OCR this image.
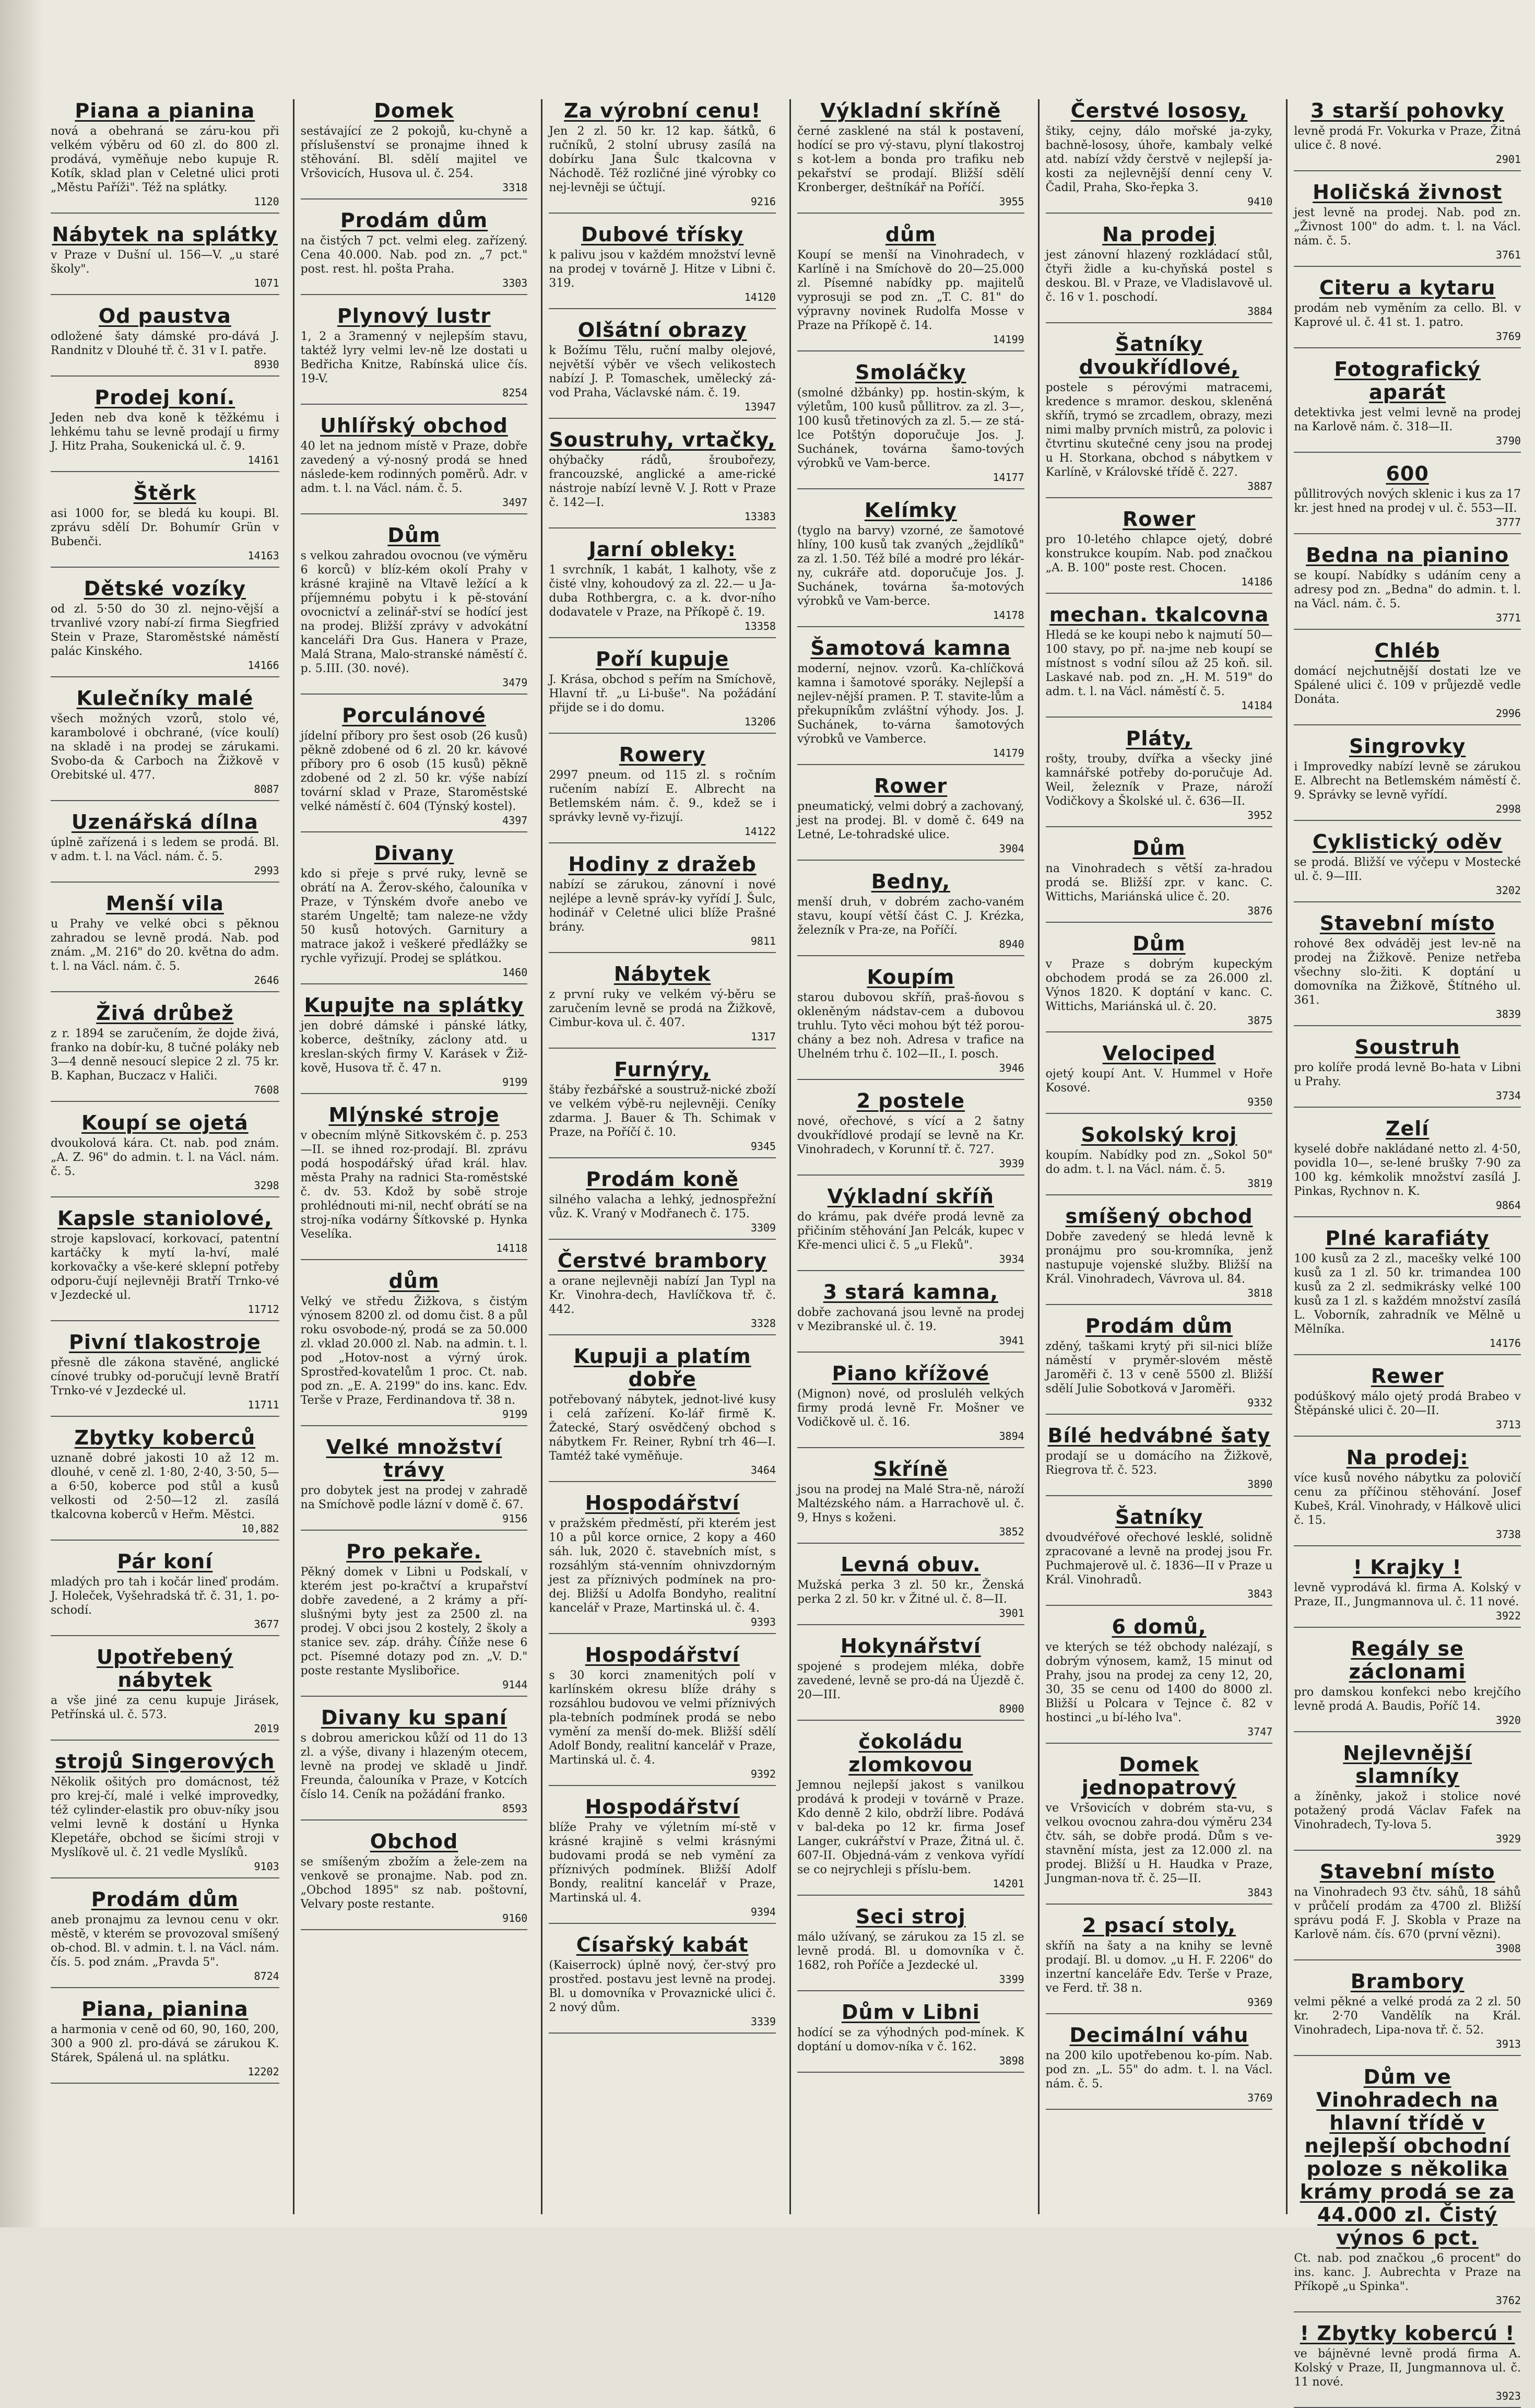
Piana a pianina

nová a obehraná se záru-kou při velkém výběru od 60 zl. do 800 zl. prodává, vyměňuje nebo kupuje R. Kotík, sklad plan v Celetné ulici proti „Městu Paříži". Též na splátky.

1120
Nábytek na splátky

v Praze v Dušní ul. 156—V. „u staré školy".

1071
Od paustva

odložené šaty dámské pro-dává J. Randnitz v Dlouhé tř. č. 31 v I. patře.

8930
Prodej koní.

Jeden neb dva koně k těžkému i lehkému tahu se levně prodají u firmy J. Hitz Praha, Soukenická ul. č. 9.

14161
Štěrk

asi 1000 for, se bledá ku koupi. Bl. zprávu sdělí Dr. Bohumír Grün v Bubenči.

14163
Dětské vozíky

od zl. 5·50 do 30 zl. nejno-vější a trvanlivé vzory nabí-zí firma Siegfried Stein v Praze, Staroměstské náměstí palác Kinského.

14166
Kulečníky malé

všech možných vzorů, stolo vé, karambolové i obchrané, (více koulí) na skladě i na prodej se zárukami. Svobo-da & Carboch na Žižkově v Orebitské ul. 477.

8087
Uzenářská dílna

úplně zařízená i s ledem se prodá. Bl. v adm. t. l. na Václ. nám. č. 5.

2993
Menší vila

u Prahy ve velké obci s pěknou zahradou se levně prodá. Nab. pod znám. „M. 216" do 20. května do adm. t. l. na Václ. nám. č. 5.

2646
Živá drůbež

z r. 1894 se zaručením, že dojde živá, franko na dobír-ku, 8 tučné poláky neb 3—4 denně nesoucí slepice 2 zl. 75 kr. B. Kaphan, Buczacz v Haliči.

7608
Koupí se ojetá

dvoukolová kára. Ct. nab. pod znám. „A. Z. 96" do admin. t. l. na Václ. nám. č. 5.

3298
Kapsle staniolové,

stroje kapslovací, korkovací, patentní kartáčky k mytí la-hví, malé korkovačky a vše-keré sklepní potřeby odporu-čují nejlevněji Bratří Trnko-vé v Jezdecké ul.

11712
Pivní tlakostroje

přesně dle zákona stavěné, anglické cínové trubky od-poručují levně Bratří Trnko-vé v Jezdecké ul.

11711
Zbytky koberců

uznaně dobré jakosti 10 až 12 m. dlouhé, v ceně zl. 1·80, 2·40, 3·50, 5— a 6·50, koberce pod stůl a kusů velkosti od 2·50—12 zl. zasílá tkalcovna koberců v Heřm. Městci.

10,882
Pár koní

mladých pro tah i kočár lineď prodám. J. Holeček, Vyšehradská tř. č. 31, 1. po-schodí.

3677
Upotřebený nábytek

a vše jiné za cenu kupuje Jirásek, Petřínská ul. č. 573.

2019
strojů Singerových

Několik ošitých pro domácnost, též pro krej-čí, malé i velké improvedky, též cylinder-elastik pro obuv-níky jsou velmi levně k dostání u Hynka Klepetáře, obchod se šicími stroji v Myslíkově ul. č. 21 vedle Myslíků.

9103
Prodám dům

aneb pronajmu za levnou cenu v okr. městě, v kterém se provozoval smíšený ob-chod. Bl. v admin. t. l. na Václ. nám. čís. 5. pod znám. „Pravda 5".

8724
Piana, pianina

a harmonia v ceně od 60, 90, 160, 200, 300 a 900 zl. pro-dává se zárukou K. Stárek, Spálená ul. na splátku.

12202
Domek

sestávající ze 2 pokojů, ku-chyně a příslušenství se pronajme ihned k stěhování. Bl. sdělí majitel ve Vršovicích, Husova ul. č. 254.

3318
Prodám dům

na čistých 7 pct. velmi eleg. zařízený. Cena 40.000. Nab. pod zn. „7 pct." post. rest. hl. pošta Praha.

3303
Plynový lustr

1, 2 a 3ramenný v nejlepším stavu, taktéž lyry velmi lev-ně lze dostati u Bedřicha Knitze, Rabínská ulice čís. 19-V.

8254
Uhlířský obchod

40 let na jednom místě v Praze, dobře zavedený a vý-nosný prodá se hned následe-kem rodinných poměrů. Adr. v adm. t. l. na Václ. nám. č. 5.

3497
Dům

s velkou zahradou ovocnou (ve výměru 6 korců) v blíz-kém okolí Prahy v krásné krajině na Vltavě ležící a k příjemnému pobytu i k pě-stování ovocnictví a zelinář-ství se hodící jest na prodej. Bližší zprávy v advokátní kanceláři Dra Gus. Hanera v Praze, Malá Strana, Malo-stranské náměstí č. p. 5.III. (30. nové).

3479
Porculánové

jídelní příbory pro šest osob (26 kusů) pěkně zdobené od 6 zl. 20 kr. kávové příbory pro 6 osob (15 kusů) pěkně zdobené od 2 zl. 50 kr. výše nabízí tovární sklad v Praze, Staroměstské velké náměstí č. 604 (Týnský kostel).

4397
Divany

kdo si přeje s prvé ruky, levně se obrátí na A. Žerov-ského, čalouníka v Praze, v Týnském dvoře anebo ve starém Ungeltě; tam naleze-ne vždy 50 kusů hotových. Garnitury a matrace jakož i veškeré předlážky se rychle vyřizují. Prodej se splátkou.

1460
Kupujte na splátky

jen dobré dámské i pánské látky, koberce, deštníky, záclony atd. u kreslan-ských firmy V. Karásek v Žiž-kově, Husova tř. č. 47 n.

9199
Mlýnské stroje

v obecním mlýně Sitkovském č. p. 253—II. se ihned roz-prodají. Bl. zprávu podá hospodářský úřad král. hlav. města Prahy na radnici Sta-roměstské č. dv. 53. Kdož by sobě stroje prohlédnouti mi-nil, nechť obrátí se na stroj-níka vodárny Šítkovské p. Hynka Veselíka.

14118
dům

Velký ve středu Žižkova, s čistým výnosem 8200 zl. od domu čist. 8 a půl roku osvobode-ný, prodá se za 50.000 zl. vklad 20.000 zl. Nab. na admin. t. l. pod „Hotov-nost a výrný úrok. Sprostřed-kovatelům 1 proc. Ct. nab. pod zn. „E. A. 2199" do ins. kanc. Edv. Terše v Praze, Ferdinandova tř. 38 n.

9199
Velké množství trávy

pro dobytek jest na prodej v zahradě na Smíchově podle lázní v domě č. 67.

9156
Pro pekaře.

Pěkný domek v Libni u Podskalí, v kterém jest po-kračtví a krupařství dobře zavedené, a 2 krámy a pří-slušnými byty jest za 2500 zl. na prodej. V obci jsou 2 kostely, 2 školy a stanice sev. záp. dráhy. Číňže nese 6 pct. Písemné dotazy pod zn. „V. D." poste restante Myslibořice.

9144
Divany ku spaní

s dobrou americkou kůží od 11 do 13 zl. a výše, divany i hlazeným otecem, levně na prodej ve skladě u Jindř. Freunda, čalouníka v Praze, v Kotcích číslo 14. Ceník na požádání franko.

8593
Obchod

se smíšeným zbožím a žele-zem na venkově se pronajme. Nab. pod zn. „Obchod 1895" sz nab. poštovní, Velvary poste restante.

9160
Za výrobní cenu!

Jen 2 zl. 50 kr. 12 kap. šátků, 6 ručníků, 2 stolní ubrusy zasílá na dobírku Jana Šulc tkalcovna v Náchodě. Též rozličné jiné výrobky co nej-levněji se účtují.

9216
Dubové třísky

k palivu jsou v každém množství levně na prodej v továrně J. Hitze v Libni č. 319.

14120
Olšátní obrazy

k Božímu Tělu, ruční malby olejové, největší výběr ve všech velikostech nabízí J. P. Tomaschek, umělecký zá-vod Praha, Václavské nám. č. 19.

13947
Soustruhy, vrtačky,

ohýbačky rádů, šroubořezy, francouzské, anglické a ame-rické nástroje nabízí levně V. J. Rott v Praze č. 142—I.

13383
Jarní obleky:

1 svrchník, 1 kabát, 1 kalhoty, vše z čisté vlny, kohoudový za zl. 22.— u Ja-duba Rothbergra, c. a k. dvor-ního dodavatele v Praze, na Příkopě č. 19.

13358
Poří kupuje

J. Krása, obchod s peřím na Smíchově, Hlavní tř. „u Li-buše". Na požádání přijde se i do domu.

13206
Rowery

2997 pneum. od 115 zl. s ročním ručením nabízí E. Albrecht na Betlemském nám. č. 9., kdež se i správky levně vy-řizují.

14122
Hodiny z dražeb

nabízí se zárukou, zánovní i nové nejlépe a levně správ-ky vyřídí J. Šulc, hodinář v Celetné ulici blíže Prašné brány.

9811
Nábytek

z první ruky ve velkém vý-běru se zaručením levně se prodá na Žižkově, Cimbur-kova ul. č. 407.

1317
Furnýry,

štáby řezbářské a soustruž-nické zboží ve velkém výbě-ru nejlevněji. Ceníky zdarma. J. Bauer & Th. Schimak v Praze, na Poříčí č. 10.

9345
Prodám koně

silného valacha a lehký, jednospřežní vůz. K. Vraný v Modřanech č. 175.

3309
Čerstvé brambory

a orane nejlevněji nabízí Jan Typl na Kr. Vinohra-dech, Havlíčkova tř. č. 442.

3328
Kupuji a platím dobře

potřebovaný nábytek, jednot-livé kusy i celá zařízení. Ko-lář firmě K. Žatecké, Starý osvědčený obchod s nábytkem Fr. Reiner, Rybní trh 46—I. Tamtéž také vyměňuje.

3464
Hospodářství

v pražském předměstí, při kterém jest 10 a půl korce ornice, 2 kopy a 460 sáh. luk, 2020 č. stavebních míst, s rozsáhlým stá-venním ohnivzdorným jest za příznivých podmínek na pro-dej. Bližší u Adolfa Bondyho, realitní kancelář v Praze, Martinská ul. č. 4.

9393
Hospodářství

s 30 korci znamenitých polí v karlínském okresu blíže dráhy s rozsáhlou budovou ve velmi příznivých pla-tebních podmínek prodá se nebo vymění za menší do-mek. Bližší sdělí Adolf Bondy, realitní kancelář v Praze, Martinská ul. č. 4.

9392
Hospodářství

blíže Prahy ve výletním mí-stě v krásné krajině s velmi krásnými budovami prodá se neb vymění za příznivých podmínek. Bližší Adolf Bondy, realitní kancelář v Praze, Martinská ul. 4.

9394
Císařský kabát

(Kaiserrock) úplně nový, čer-stvý pro prostřed. postavu jest levně na prodej. Bl. u domovníka v Provaznické ulici č. 2 nový dům.

3339
Výkladní skříně

černé zasklené na stál k postavení, hodící se pro vý-stavu, plyní tlakostroj s kot-lem a bonda pro trafiku neb pekařství se prodají. Bližší sdělí Kronberger, deštníkář na Poříčí.

3955
dům

Koupí se menší na Vinohradech, v Karlíně i na Smíchově do 20—25.000 zl. Písemné nabídky pp. majitelů vyprosuji se pod zn. „T. C. 81" do výpravny novinek Rudolfa Mosse v Praze na Příkopě č. 14.

14199
Smoláčky

(smolné džbánky) pp. hostin-ským, k výletům, 100 kusů půllitrov. za zl. 3—, 100 kusů třetinových za zl. 5.— ze stá-lce Potštýn doporučuje Jos. J. Suchánek, továrna šamo-tových výrobků ve Vam-berce.

14177
Kelímky

(tyglo na barvy) vzorné, ze šamotové hlíny, 100 kusů tak zvaných „žejdlíků" za zl. 1.50. Též bílé a modré pro lékár-ny, cukráře atd. doporučuje Jos. J. Suchánek, továrna ša-motových výrobků ve Vam-berce.

14178
Šamotová kamna

moderní, nejnov. vzorů. Ka-chlíčková kamna i šamotové sporáky. Nejlepší a nejlev-nější pramen. P. T. stavite-lům a překupníkům zvláštní výhody. Jos. J. Suchánek, to-várna šamotových výrobků ve Vamberce.

14179
Rower

pneumatický, velmi dobrý a zachovaný, jest na prodej. Bl. v domě č. 649 na Letné, Le-tohradské ulice.

3904
Bedny,

menší druh, v dobrém zacho-vaném stavu, koupí větší část C. J. Krézka, železník v Pra-ze, na Poříčí.

8940
Koupím

starou dubovou skříň, praš-ňovou s okleněným nádstav-cem a dubovou truhlu. Tyto věci mohou být též porou-chány a bez noh. Adresa v trafice na Uhelném trhu č. 102—II., I. posch.

3946
2 postele

nové, ořechové, s vící a 2 šatny dvoukřídlové prodají se levně na Kr. Vinohradech, v Korunní tř. č. 727.

3939
Výkladní skříň

do krámu, pak dvéře prodá levně za přičiním stěhování Jan Pelcák, kupec v Kře-menci ulici č. 5 „u Fleků".

3934
3 stará kamna,

dobře zachovaná jsou levně na prodej v Mezibranské ul. č. 19.

3941
Piano křížové

(Mignon) nové, od prosluléh velkých firmy prodá levně Fr. Mošner ve Vodičkově ul. č. 16.

3894
Skříně

jsou na prodej na Malé Stra-ně, nároží Maltézského nám. a Harrachově ul. č. 9, Hnys s koženi.

3852
Levná obuv.

Mužská perka 3 zl. 50 kr., Ženská perka 2 zl. 50 kr. v Žitné ul. č. 8—II.

3901
Hokynářství

spojené s prodejem mléka, dobře zavedené, levně se pro-dá na Újezdě č. 20—III.

8900
čokoládu zlomkovou

Jemnou nejlepší jakost s vanilkou prodává k prodeji v továrně v Praze. Kdo denně 2 kilo, obdrží libre. Podává v bal-deka po 12 kr. firma Josef Langer, cukrářství v Praze, Žitná ul. č. 607-II. Objedná-vám z venkova vyřídí se co nejrychleji s příslu-bem.

14201
Seci stroj

málo užívaný, se zárukou za 15 zl. se levně prodá. Bl. u domovníka v č. 1682, roh Poříče a Jezdecké ul.

3399
Dům v Libni

hodící se za výhodných pod-mínek. K doptání u domov-níka v č. 162.

3898
Čerstvé lososy,

štiky, cejny, dálo mořské ja-zyky, bachně-lososy, úhoře, kambaly velké atd. nabízí vždy čerstvě v nejlepší ja-kosti za nejlevnější denní ceny V. Čadil, Praha, Sko-řepka 3.

9410
Na prodej

jest zánovní hlazený rozkládací stůl, čtyři židle a ku-chyňská postel s deskou. Bl. v Praze, ve Vladislavově ul. č. 16 v 1. poschodí.

3884
Šatníky dvoukřídlové,

postele s pérovými matracemi, kredence s mramor. deskou, skleněná skříň, trymó se zrcadlem, obrazy, mezi nimi malby prvních mistrů, za polovic i čtvrtinu skutečné ceny jsou na prodej u H. Storkana, obchod s nábytkem v Karlíně, v Královské třídě č. 227.

3887
Rower

pro 10-letého chlapce ojetý, dobré konstrukce koupím. Nab. pod značkou „A. B. 100" poste rest. Chocen.

14186
mechan. tkalcovna

Hledá se ke koupi nebo k najmutí 50—100 stavy, po př. na-jme neb koupí se místnost s vodní sílou až 25 koň. sil. Laskavé nab. pod zn. „H. M. 519" do adm. t. l. na Václ. náměstí č. 5.

14184
Pláty,

rošty, trouby, dvířka a všecky jiné kamnářské potřeby do-poručuje Ad. Weil, železník v Praze, nároží Vodičkovy a Školské ul. č. 636—II.

3952
Dům

na Vinohradech s větší za-hradou prodá se. Bližší zpr. v kanc. C. Wittichs, Mariánská ulice č. 20.

3876
Dům

v Praze s dobrým kupeckým obchodem prodá se za 26.000 zl. Výnos 1820. K doptání v kanc. C. Wittichs, Mariánská ul. č. 20.

3875
Velociped

ojetý koupí Ant. V. Hummel v Hoře Kosové.

9350
Sokolský kroj

koupím. Nabídky pod zn. „Sokol 50" do adm. t. l. na Václ. nám. č. 5.

3819
smíšený obchod

Dobře zavedený se hledá levně k pronájmu pro sou-kromníka, jenž nastupuje vojenské služby. Bližší na Král. Vinohradech, Vávrova ul. 84.

3818
Prodám dům

zděný, taškami krytý při sil-nici blíže náměstí v pryměr-slovém městě Jaroměři č. 13 v ceně 5500 zl. Bližší sdělí Julie Sobotková v Jaroměři.

9332
Bílé hedvábné šaty

prodají se u domácího na Žižkově, Riegrova tř. č. 523.

3890
Šatníky

dvoudvéřové ořechové lesklé, solidně zpracované a levně na prodej jsou Fr. Puchmajerově ul. č. 1836—II v Praze u Král. Vinohradů.

3843
6 domů,

ve kterých se též obchody nalézají, s dobrým výnosem, kamž, 15 minut od Prahy, jsou na prodej za ceny 12, 20, 30, 35 se cenu od 1400 do 8000 zl. Bližší u Polcara v Tejnce č. 82 v hostinci „u bí-lého lva".

3747
Domek jednopatrový

ve Vršovicích v dobrém sta-vu, s velkou ovocnou zahra-dou výměru 234 čtv. sáh, se dobře prodá. Dům s ve-stavnění místa, jest za 12.000 zl. na prodej. Bližší u H. Haudka v Praze, Jungman-nova tř. č. 25—II.

3843
2 psací stoly,

skříň na šaty a na knihy se levně prodají. Bl. u domov. „u H. F. 2206" do inzertní kanceláře Edv. Terše v Praze, ve Ferd. tř. 38 n.

9369
Decimální váhu

na 200 kilo upotřebenou ko-pím. Nab. pod zn. „L. 55" do adm. t. l. na Václ. nám. č. 5.

3769
3 starší pohovky

levně prodá Fr. Vokurka v Praze, Žitná ulice č. 8 nové.

2901
Holičská živnost

jest levně na prodej. Nab. pod zn. „Živnost 100" do adm. t. l. na Václ. nám. č. 5.

3761
Citeru a kytaru

prodám neb vyměním za cello. Bl. v Kaprové ul. č. 41 st. 1. patro.

3769
Fotografický aparát

detektivka jest velmi levně na prodej na Karlově nám. č. 318—II.

3790
600

půllitrových nových sklenic i kus za 17 kr. jest hned na prodej v ul. č. 553—II.

3777
Bedna na pianino

se koupí. Nabídky s udáním ceny a adresy pod zn. „Bedna" do admin. t. l. na Václ. nám. č. 5.

3771
Chléb

domácí nejchutnější dostati lze ve Spálené ulici č. 109 v průjezdě vedle Donáta.

2996
Singrovky

i Improvedky nabízí levně se zárukou E. Albrecht na Betlemském náměstí č. 9. Správky se levně vyřídí.

2998
Cyklistický oděv

se prodá. Bližší ve výčepu v Mostecké ul. č. 9—III.

3202
Stavební místo

rohové 8ex odváděj jest lev-ně na prodej na Žižkově. Penize netřeba všechny slo-žiti. K doptání u domovníka na Žižkově, Štítného ul. 361.

3839
Soustruh

pro kolíře prodá levně Bo-hata v Libni u Prahy.

3734
Zelí

kyselé dobře nakládané netto zl. 4·50, povidla 10—, se-lené brušky 7·90 za 100 kg. kémkolik množství zasílá J. Pinkas, Rychnov n. K.

9864
Plné karafiáty

100 kusů za 2 zl., macešky velké 100 kusů za 1 zl. 50 kr. trimandea 100 kusů za 2 zl. sedmikrásky velké 100 kusů za 1 zl. s každém množství zasílá L. Voborník, zahradník ve Mělně u Mělníka.

14176
Rewer

podúškový málo ojetý prodá Brabeo v Štěpánské ulici č. 20—II.

3713
Na prodej:

více kusů nového nábytku za polovičí cenu za příčinou stěhování. Josef Kubeš, Král. Vinohrady, v Hálkově ulici č. 15.

3738
! Krajky !

levně vyprodává kl. firma A. Kolský v Praze, II., Jungmannova ul. č. 11 nové.

3922
Regály se záclonami

pro damskou konfekci nebo krejčího levně prodá A. Baudis, Poříč 14.

3920
Nejlevnější slamníky

a žíněnky, jakož i stolice nové potažený prodá Václav Fafek na Vinohradech, Ty-lova 5.

3929
Stavební místo

na Vinohradech 93 čtv. sáhů, 18 sáhů v průčelí prodám za 4700 zl. Bližší správu podá F. J. Skobla v Praze na Karlově nám. čís. 670 (první vězni).

3908
Brambory

velmi pěkné a velké prodá za 2 zl. 50 kr. 2·70 Vandělík na Král. Vinohradech, Lipa-nova tř. č. 52.

3913
Dům ve Vinohradech na hlavní třídě v nejlepší obchodní poloze s několika krámy prodá se za 44.000 zl. Čistý výnos 6 pct.

Ct. nab. pod značkou „6 procent" do ins. kanc. J. Aubrechta v Praze na Příkopě „u Spinka".

3762
! Zbytky kobercú !

ve bájněvné levně prodá firma A. Kolský v Praze, II, Jungmannova ul. č. 11 nové.

3923
